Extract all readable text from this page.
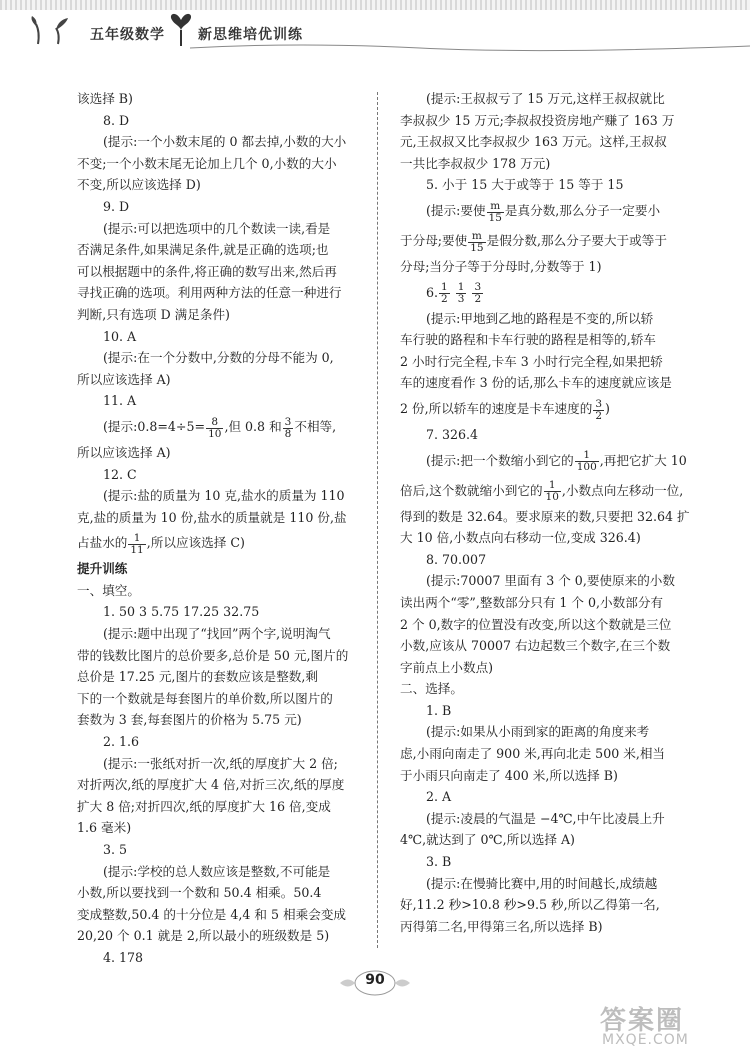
五年级数学 新思维培优训练
该选择 B)
8. D
(提示:一个小数末尾的 0 都去掉,小数的大小
不变;一个小数末尾无论加上几个 0,小数的大小
不变,所以应该选择 D)
9. D
(提示:可以把选项中的几个数读一读,看是
否满足条件,如果满足条件,就是正确的选项;也
可以根据题中的条件,将正确的数写出来,然后再
寻找正确的选项。利用两种方法的任意一种进行
判断,只有选项 D 满足条件)
10. A
(提示:在一个分数中,分数的分母不能为 0,
所以应该选择 A)
11. A
(提示:0.8=4÷5= $\frac{8}{10}$ ,但 0.8 和 $\frac{3}{8}$ 不相等,
所以应该选择 A)
12. C
(提示:盐的质量为 10 克,盐水的质量为 110
克,盐的质量为 10 份,盐水的质量就是 110 份,盐
占盐水的 $\frac{1}{11}$ ,所以应该选择 C)
提升训练
一、填空。
1. 50 3 5.75 17.25 32.75
(提示:题中出现了“找回”两个字,说明淘气
带的钱数比图片的总价要多,总价是 50 元,图片的
总价是 17.25 元,图片的套数应该是整数,剩
下的一个数就是每套图片的单价数,所以图片的
套数为 3 套,每套图片的价格为 5.75 元)
2. 1.6
(提示:一张纸对折一次,纸的厚度扩大 2 倍;
对折两次,纸的厚度扩大 4 倍,对折三次,纸的厚度
扩大 8 倍;对折四次,纸的厚度扩大 16 倍,变成
1.6 毫米)
3. 5
(提示:学校的总人数应该是整数,不可能是
小数,所以要找到一个数和 50.4 相乘。50.4
变成整数,50.4 的十分位是 4,4 和 5 相乘会变成
20,20 个 0.1 就是 2,所以最小的班级数是 5)
4. 178
(提示:王叔叔亏了 15 万元,这样王叔叔就比
李叔叔少 15 万元;李叔叔投资房地产赚了 163 万
元,王叔叔又比李叔叔少 163 万元。这样,王叔叔
一共比李叔叔少 178 万元)
5. 小于 15 大于或等于 15 等于 15
(提示:要使 $\frac{m}{15}$ 是真分数,那么分子一定要小
于分母;要使 $\frac{m}{15}$ 是假分数,那么分子要大于或等于
分母;当分子等于分母时,分数等于 1)
6. $\frac{1}{2}$
$\frac{1}{3}$
$\frac{3}{2}$
(提示:甲地到乙地的路程是不变的,所以轿
车行驶的路程和卡车行驶的路程是相等的,轿车
2 小时行完全程,卡车 3 小时行完全程,如果把轿
车的速度看作 3 份的话,那么卡车的速度就应该是
2 份,所以轿车的速度是卡车速度的 $\frac{3}{2}$ )
7. 326.4
(提示:把一个数缩小到它的 $\frac{1}{100}$ ,再把它扩大 10
倍后,这个数就缩小到它的 $\frac{1}{10}$ ,小数点向左移动一位,
得到的数是 32.64。要求原来的数,只要把 32.64 扩
大 10 倍,小数点向右移动一位,变成 326.4)
8. 70.007
(提示:70007 里面有 3 个 0,要使原来的小数
读出两个“零”,整数部分只有 1 个 0,小数部分有
2 个 0,数字的位置没有改变,所以这个数就是三位
小数,应该从 70007 右边起数三个数字,在三个数
字前点上小数点)
二、选择。
1. B
(提示:如果从小雨到家的距离的角度来考
虑,小雨向南走了 900 米,再向北走 500 米,相当
于小雨只向南走了 400 米,所以选择 B)
2. A
(提示:凌晨的气温是 −4℃,中午比凌晨上升
4℃,就达到了 0℃,所以选择 A)
3. B
(提示:在慢骑比赛中,用的时间越长,成绩越
好,11.2 秒>10.8 秒>9.5 秒,所以乙得第一名,
丙得第二名,甲得第三名,所以选择 B)
90
答案圈
MXQE.COM
